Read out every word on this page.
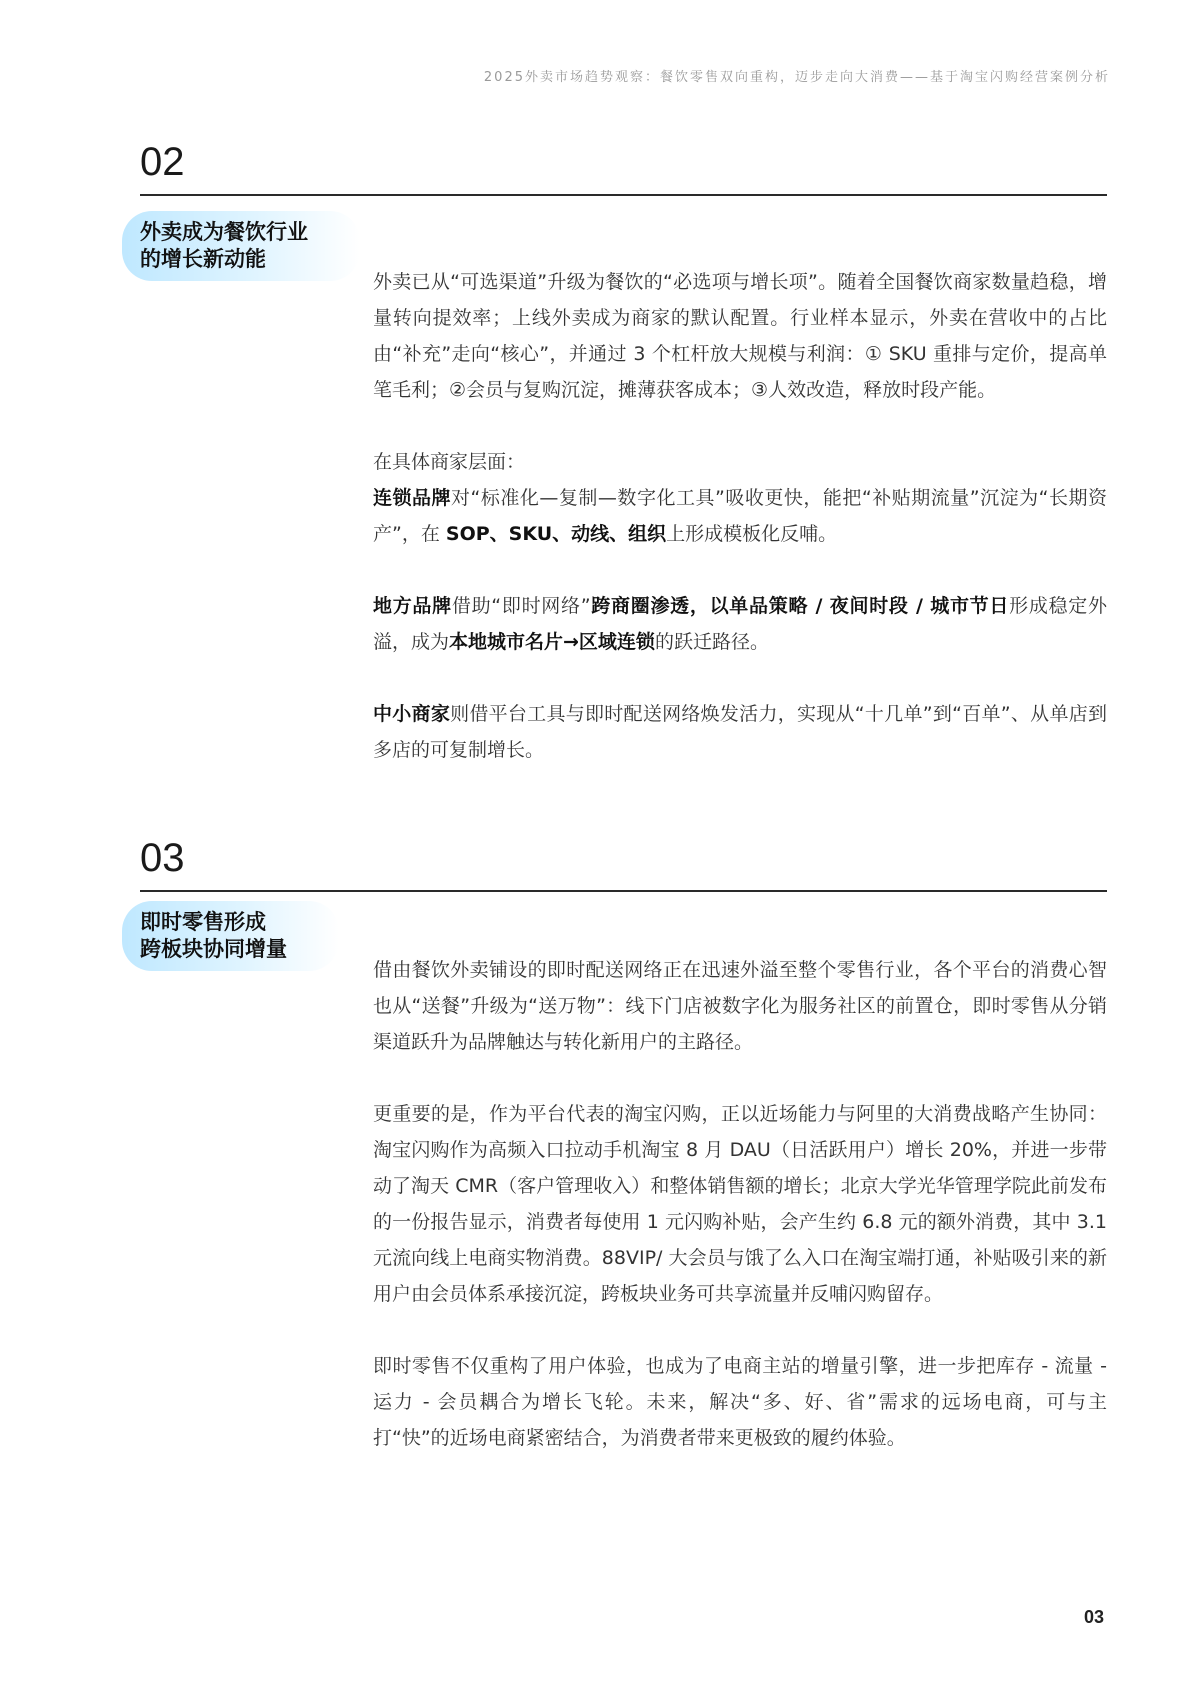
2025外卖市场趋势观察：餐饮零售双向重构，迈步走向大消费——基于淘宝闪购经营案例分析
02
外卖成为餐饮行业
的增长新动能

外卖已从“可选渠道”升级为餐饮的“必选项与增长项”。随着全国餐饮商家数量趋稳，增量转向提效率；上线外卖成为商家的默认配置。行业样本显示，外卖在营收中的占比由“补充”走向“核心”，并通过 3 个杠杆放大规模与利润：① SKU 重排与定价，提高单笔毛利；②会员与复购沉淀，摊薄获客成本；③人效改造，释放时段产能。

在具体商家层面：
连锁品牌对“标准化—复制—数字化工具”吸收更快，能把“补贴期流量”沉淀为“长期资产”，在 SOP、SKU、动线、组织上形成模板化反哺。

地方品牌借助“即时网络”跨商圈渗透，以单品策略 / 夜间时段 / 城市节日形成稳定外溢，成为本地城市名片→区域连锁的跃迁路径。

中小商家则借平台工具与即时配送网络焕发活力，实现从“十几单”到“百单”、从单店到多店的可复制增长。

03
即时零售形成
跨板块协同增量

借由餐饮外卖铺设的即时配送网络正在迅速外溢至整个零售行业，各个平台的消费心智也从“送餐”升级为“送万物”：线下门店被数字化为服务社区的前置仓，即时零售从分销渠道跃升为品牌触达与转化新用户的主路径。

更重要的是，作为平台代表的淘宝闪购，正以近场能力与阿里的大消费战略产生协同：淘宝闪购作为高频入口拉动手机淘宝 8 月 DAU（日活跃用户）增长 20%，并进一步带动了淘天 CMR（客户管理收入）和整体销售额的增长；北京大学光华管理学院此前发布的一份报告显示，消费者每使用 1 元闪购补贴，会产生约 6.8 元的额外消费，其中 3.1 元流向线上电商实物消费。88VIP/ 大会员与饿了么入口在淘宝端打通，补贴吸引来的新用户由会员体系承接沉淀，跨板块业务可共享流量并反哺闪购留存。

即时零售不仅重构了用户体验，也成为了电商主站的增量引擎，进一步把库存 - 流量 - 运力 - 会员耦合为增长飞轮。未来，解决“多、好、省”需求的远场电商，可与主打“快”的近场电商紧密结合，为消费者带来更极致的履约体验。

03
